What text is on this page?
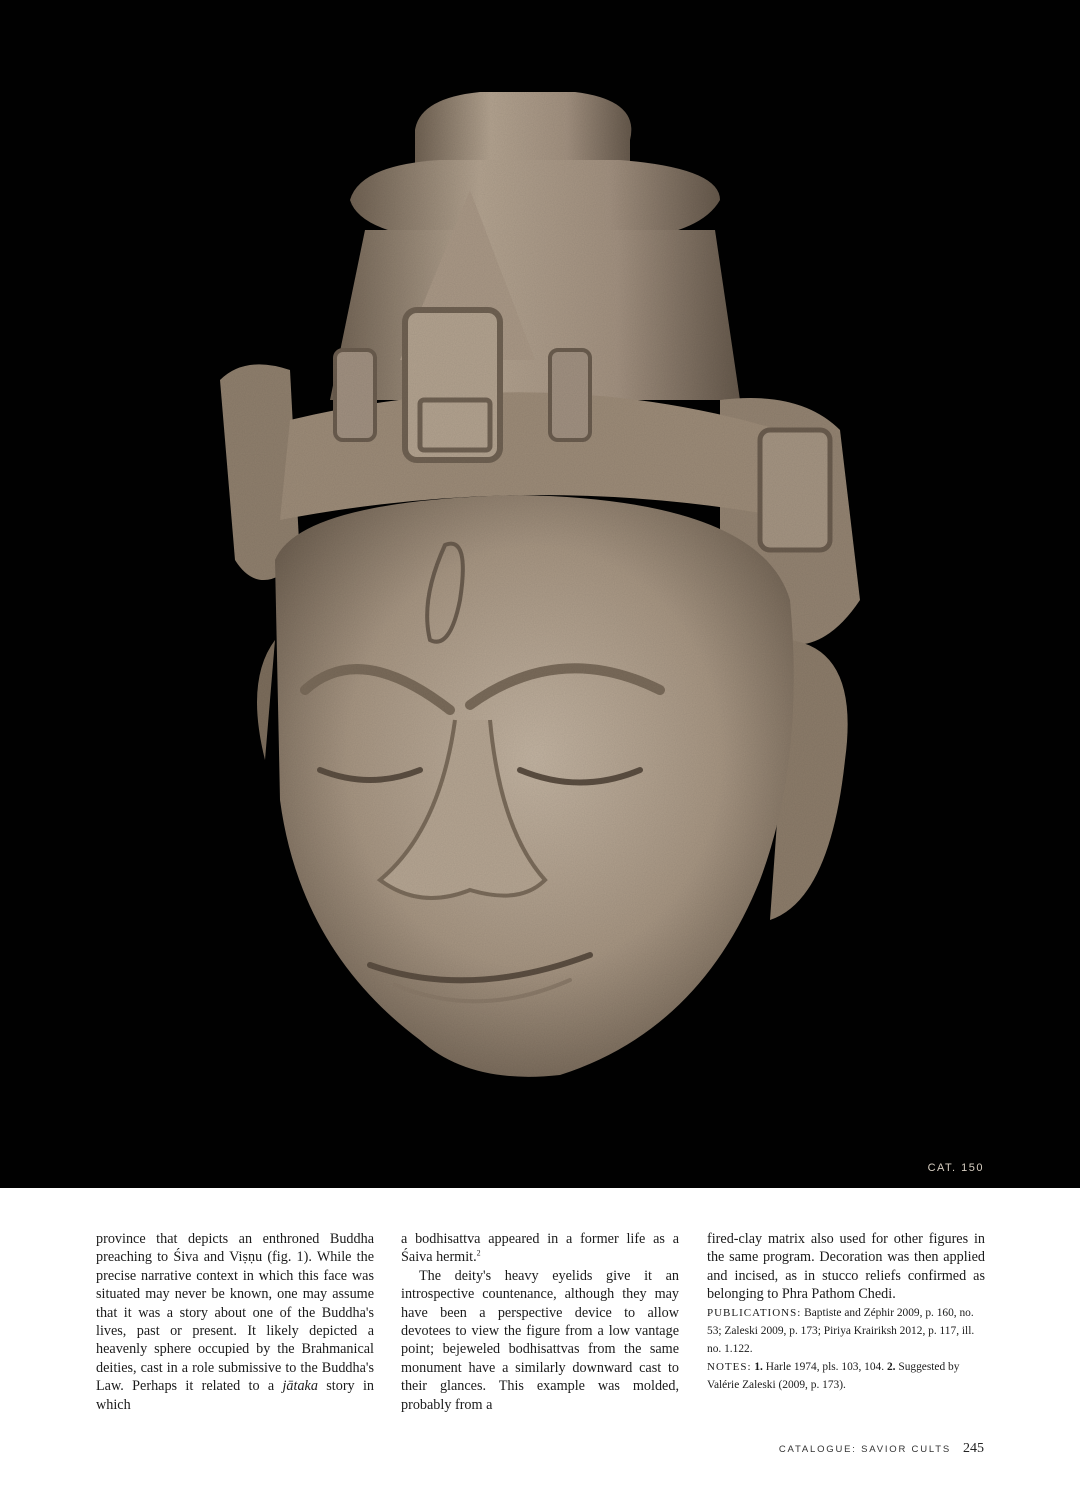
CAT. 150

province that depicts an enthroned Buddha preaching to Śiva and Viṣṇu (fig. 1). While the precise narrative context in which this face was situated may never be known, one may assume that it was a story about one of the Buddha's lives, past or present. It likely depicted a heavenly sphere occupied by the Brahmanical deities, cast in a role submissive to the Buddha's Law. Perhaps it related to a jātaka story in which

a bodhisattva appeared in a former life as a Śaiva hermit.$^2$

The deity's heavy eyelids give it an introspective countenance, although they may have been a perspective device to allow devotees to view the figure from a low vantage point; bejeweled bodhisattvas from the same monument have a similarly downward cast to their glances. This example was molded, probably from a

fired-clay matrix also used for other figures in the same program. Decoration was then applied and incised, as in stucco reliefs confirmed as belonging to Phra Pathom Chedi.

PUBLICATIONS: Baptiste and Zéphir 2009, p. 160, no. 53; Zaleski 2009, p. 173; Piriya Krairiksh 2012, p. 117, ill. no. 1.122.

NOTES: 1. Harle 1974, pls. 103, 104. 2. Suggested by Valérie Zaleski (2009, p. 173).

CATALOGUE: SAVIOR CULTS 245
